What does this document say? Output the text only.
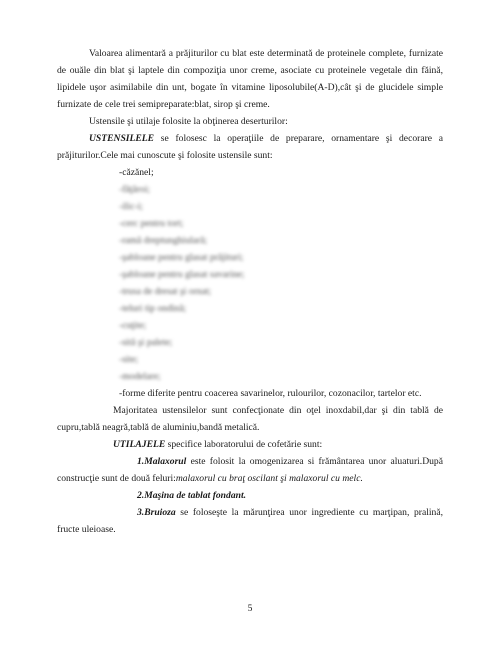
Valoarea alimentară a prăjiturilor cu blat este determinată de proteinele complete, furnizate de ouăle din blat şi laptele din compoziţia unor creme, asociate cu proteinele vegetale din făină, lipidele uşor asimilabile din unt, bogate în vitamine liposolubile(A-D),cât şi de glucidele simple furnizate de cele trei semipreparate:blat, sirop şi creme.

Ustensile şi utilaje folosite la obţinerea deserturilor:

USTENSILELE se folosesc la operaţiile de preparare, ornamentare şi decorare a prăjiturilor.Cele mai cunoscute şi folosite ustensile sunt:

-căzănel;
-făţăroi;
-ilic-i;
-cerc pentru tort;
-ramă dreptunghiulară;
-şabloane pentru glasat prăjituri;
-şabloane pentru glasat savarine;
-trusa de dresat şi ornat;
-teluri tip ondină;
-cuţite;
-sită şi palete;
-site;
-modelare;
-forme diferite pentru coacerea savarinelor, rulourilor, cozonacilor, tartelor etc.

Majoritatea ustensilelor sunt confecţionate din oţel inoxdabil,dar şi din tablă de cupru,tablă neagră,tablă de aluminiu,bandă metalică.

UTILAJELE specifice laboratorului de cofetărie sunt:

1.Malaxorul este folosit la omogenizarea si frământarea unor aluaturi.După construcţie sunt de două feluri:malaxorul cu braţ oscilant şi malaxorul cu melc.

2.Maşina de tablat fondant.

3.Bruioza se foloseşte la mărunţirea unor ingrediente cu marţipan, pralină, fructe uleioase.

5
